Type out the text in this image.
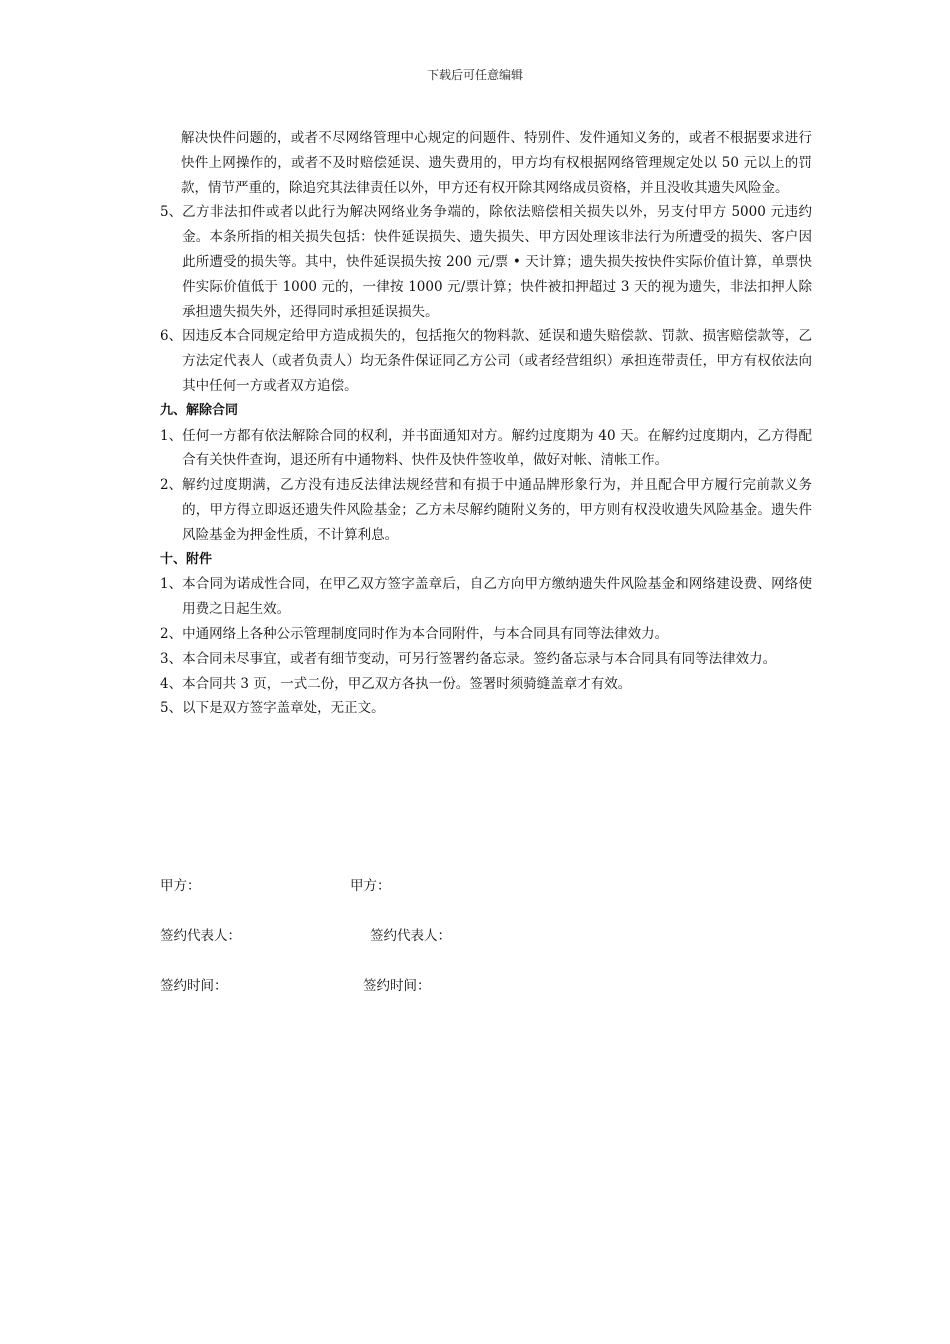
下载后可任意编辑

解决快件问题的，或者不尽网络管理中心规定的问题件、特别件、发件通知义务的，或者不根据要求进行快件上网操作的，或者不及时赔偿延误、遗失费用的，甲方均有权根据网络管理规定处以 50 元以上的罚款，情节严重的，除追究其法律责任以外，甲方还有权开除其网络成员资格，并且没收其遗失风险金。

5、 乙方非法扣件或者以此行为解决网络业务争端的，除依法赔偿相关损失以外，另支付甲方 5000 元违约金。本条所指的相关损失包括：快件延误损失、遗失损失、甲方因处理该非法行为所遭受的损失、客户因此所遭受的损失等。其中，快件延误损失按 200 元/票 • 天计算；遗失损失按快件实际价值计算，单票快件实际价值低于 1000 元的，一律按 1000 元/票计算；快件被扣押超过 3 天的视为遗失，非法扣押人除承担遗失损失外，还得同时承担延误损失。
6、 因违反本合同规定给甲方造成损失的，包括拖欠的物料款、延误和遗失赔偿款、罚款、损害赔偿款等，乙方法定代表人（或者负责人）均无条件保证同乙方公司（或者经营组织）承担连带责任，甲方有权依法向其中任何一方或者双方追偿。

九、解除合同

1、 任何一方都有依法解除合同的权利，并书面通知对方。解约过度期为 40 天。在解约过度期内，乙方得配合有关快件查询，退还所有中通物料、快件及快件签收单，做好对帐、清帐工作。
2、 解约过度期满，乙方没有违反法律法规经营和有损于中通品牌形象行为，并且配合甲方履行完前款义务的，甲方得立即返还遗失件风险基金；乙方未尽解约随附义务的，甲方则有权没收遗失风险基金。遗失件风险基金为押金性质，不计算利息。

十、附件

1、 本合同为诺成性合同，在甲乙双方签字盖章后，自乙方向甲方缴纳遗失件风险基金和网络建设费、网络使用费之日起生效。
2、 中通网络上各种公示管理制度同时作为本合同附件，与本合同具有同等法律效力。
3、 本合同未尽事宜，或者有细节变动，可另行签署约备忘录。签约备忘录与本合同具有同等法律效力。
4、 本合同共 3 页，一式二份，甲乙双方各执一份。签署时须骑缝盖章才有效。
5、 以下是双方签字盖章处，无正文。
甲方：	甲方：
签约代表人：	签约代表人：
签约时间：	签约时间：
